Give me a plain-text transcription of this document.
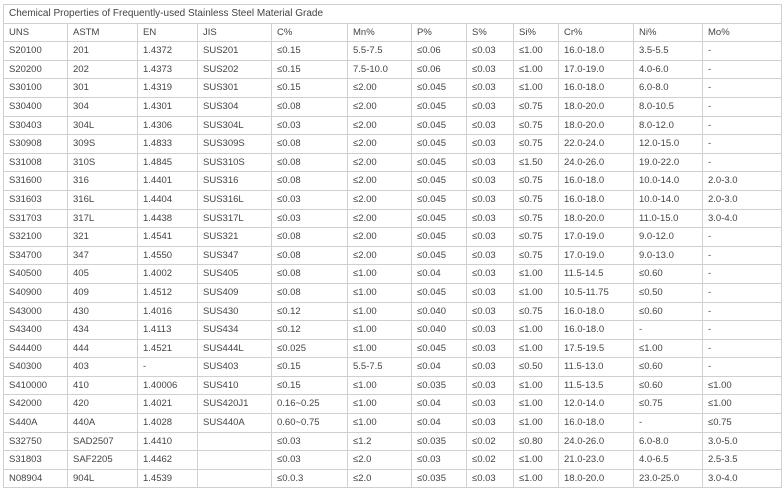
Chemical Properties of Frequently-used Stainless Steel Material Grade											
UNS	ASTM	EN	JIS	C%	Mn%	P%	S%	Si%	Cr%	Ni%	Mo%
S20100	201	1.4372	SUS201	≤0.15	5.5-7.5	≤0.06	≤0.03	≤1.00	16.0-18.0	3.5-5.5	-
S20200	202	1.4373	SUS202	≤0.15	7.5-10.0	≤0.06	≤0.03	≤1.00	17.0-19.0	4.0-6.0	-
S30100	301	1.4319	SUS301	≤0.15	≤2.00	≤0.045	≤0.03	≤1.00	16.0-18.0	6.0-8.0	-
S30400	304	1.4301	SUS304	≤0.08	≤2.00	≤0.045	≤0.03	≤0.75	18.0-20.0	8.0-10.5	-
S30403	304L	1.4306	SUS304L	≤0.03	≤2.00	≤0.045	≤0.03	≤0.75	18.0-20.0	8.0-12.0	-
S30908	309S	1.4833	SUS309S	≤0.08	≤2.00	≤0.045	≤0.03	≤0.75	22.0-24.0	12.0-15.0	-
S31008	310S	1.4845	SUS310S	≤0.08	≤2.00	≤0.045	≤0.03	≤1.50	24.0-26.0	19.0-22.0	-
S31600	316	1.4401	SUS316	≤0.08	≤2.00	≤0.045	≤0.03	≤0.75	16.0-18.0	10.0-14.0	2.0-3.0
S31603	316L	1.4404	SUS316L	≤0.03	≤2.00	≤0.045	≤0.03	≤0.75	16.0-18.0	10.0-14.0	2.0-3.0
S31703	317L	1.4438	SUS317L	≤0.03	≤2.00	≤0.045	≤0.03	≤0.75	18.0-20.0	11.0-15.0	3.0-4.0
S32100	321	1.4541	SUS321	≤0.08	≤2.00	≤0.045	≤0.03	≤0.75	17.0-19.0	9.0-12.0	-
S34700	347	1.4550	SUS347	≤0.08	≤2.00	≤0.045	≤0.03	≤0.75	17.0-19.0	9.0-13.0	-
S40500	405	1.4002	SUS405	≤0.08	≤1.00	≤0.04	≤0.03	≤1.00	11.5-14.5	≤0.60	-
S40900	409	1.4512	SUS409	≤0.08	≤1.00	≤0.045	≤0.03	≤1.00	10.5-11.75	≤0.50	-
S43000	430	1.4016	SUS430	≤0.12	≤1.00	≤0.040	≤0.03	≤0.75	16.0-18.0	≤0.60	-
S43400	434	1.4113	SUS434	≤0.12	≤1.00	≤0.040	≤0.03	≤1.00	16.0-18.0	-	-
S44400	444	1.4521	SUS444L	≤0.025	≤1.00	≤0.045	≤0.03	≤1.00	17.5-19.5	≤1.00	-
S40300	403	-	SUS403	≤0.15	5.5-7.5	≤0.04	≤0.03	≤0.50	11.5-13.0	≤0.60	-
S410000	410	1.40006	SUS410	≤0.15	≤1.00	≤0.035	≤0.03	≤1.00	11.5-13.5	≤0.60	≤1.00
S42000	420	1.4021	SUS420J1	0.16~0.25	≤1.00	≤0.04	≤0.03	≤1.00	12.0-14.0	≤0.75	≤1.00
S440A	440A	1.4028	SUS440A	0.60~0.75	≤1.00	≤0.04	≤0.03	≤1.00	16.0-18.0	-	≤0.75
S32750	SAD2507	1.4410		≤0.03	≤1.2	≤0.035	≤0.02	≤0.80	24.0-26.0	6.0-8.0	3.0-5.0
S31803	SAF2205	1.4462		≤0.03	≤2.0	≤0.03	≤0.02	≤1.00	21.0-23.0	4.0-6.5	2.5-3.5
N08904	904L	1.4539		≤0.0.3	≤2.0	≤0.035	≤0.03	≤1.00	18.0-20.0	23.0-25.0	3.0-4.0
